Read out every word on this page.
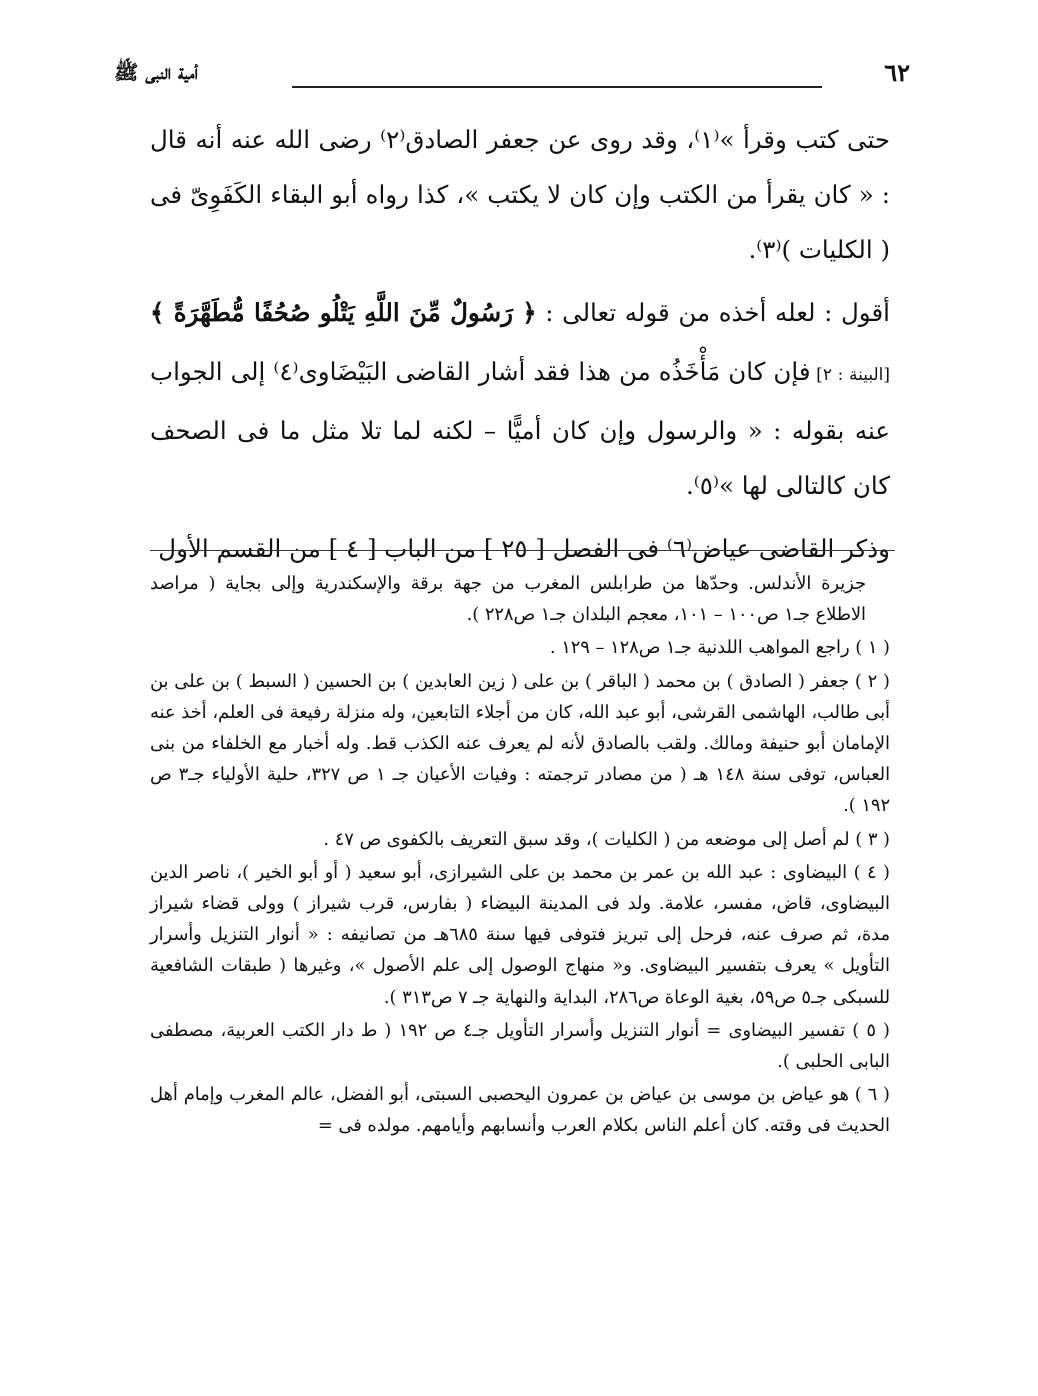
أمية النبى ﷺ	٦٢

حتى كتب وقرأ »⁽١⁾، وقد روى عن جعفر الصادق⁽٢⁾ رضى الله عنه أنه قال : « كان يقرأ من الكتب وإن كان لا يكتب »، كذا رواه أبو البقاء الكَفَوِىّ فى ( الكليات )⁽٣⁾.

أقول : لعله أخذه من قوله تعالى : ﴿ رَسُولٌ مِّنَ اللَّهِ يَتْلُو صُحُفًا مُّطَهَّرَةً ﴾ [البينة : ٢] فإن كان مَأْخَذُه من هذا فقد أشار القاضى البَيْضَاوى⁽٤⁾ إلى الجواب عنه بقوله : « والرسول وإن كان أميًّا – لكنه لما تلا مثل ما فى الصحف كان كالتالى لها »⁽٥⁾.

وذكر القاضى عياض⁽٦⁾ فى الفصل [ ٢٥ ] من الباب [ ٤ ] من القسم الأول

جزيرة الأندلس. وحدّها من طرابلس المغرب من جهة برقة والإسكندرية وإلى بجاية ( مراصد الاطلاع جـ١ ص١٠٠ – ١٠١، معجم البلدان جـ١ ص٢٢٨ ).

( ١ ) راجع المواهب اللدنية جـ١ ص١٢٨ – ١٢٩ .

( ٢ ) جعفر ( الصادق ) بن محمد ( الباقر ) بن على ( زين العابدين ) بن الحسين ( السبط ) بن على بن أبى طالب، الهاشمى القرشى، أبو عبد الله، كان من أجلاء التابعين، وله منزلة رفيعة فى العلم، أخذ عنه الإمامان أبو حنيفة ومالك. ولقب بالصادق لأنه لم يعرف عنه الكذب قط. وله أخبار مع الخلفاء من بنى العباس، توفى سنة ١٤٨ هـ ( من مصادر ترجمته : وفيات الأعيان جـ ١ ص ٣٢٧، حلية الأولياء جـ٣ ص ١٩٢ ).

( ٣ ) لم أصل إلى موضعه من ( الكليات )، وقد سبق التعريف بالكفوى ص ٤٧ .

( ٤ ) البيضاوى : عبد الله بن عمر بن محمد بن على الشيرازى، أبو سعيد ( أو أبو الخير )، ناصر الدين البيضاوى، قاض، مفسر، علامة. ولد فى المدينة البيضاء ( بفارس، قرب شيراز ) وولى قضاء شيراز مدة، ثم صرف عنه، فرحل إلى تبريز فتوفى فيها سنة ٦٨٥هـ من تصانيفه : « أنوار التنزيل وأسرار التأويل » يعرف بتفسير البيضاوى. و« منهاج الوصول إلى علم الأصول »، وغيرها ( طبقات الشافعية للسبكى جـ٥ ص٥٩، بغية الوعاة ص٢٨٦، البداية والنهاية جـ ٧ ص٣١٣ ).

( ٥ ) تفسير البيضاوى = أنوار التنزيل وأسرار التأويل جـ٤ ص ١٩٢ ( ط دار الكتب العربية، مصطفى البابى الحلبى ).

( ٦ ) هو عياض بن موسى بن عياض بن عمرون اليحصبى السبتى، أبو الفضل، عالم المغرب وإمام أهل الحديث فى وقته. كان أعلم الناس بكلام العرب وأنسابهم وأيامهم. مولده فى =
